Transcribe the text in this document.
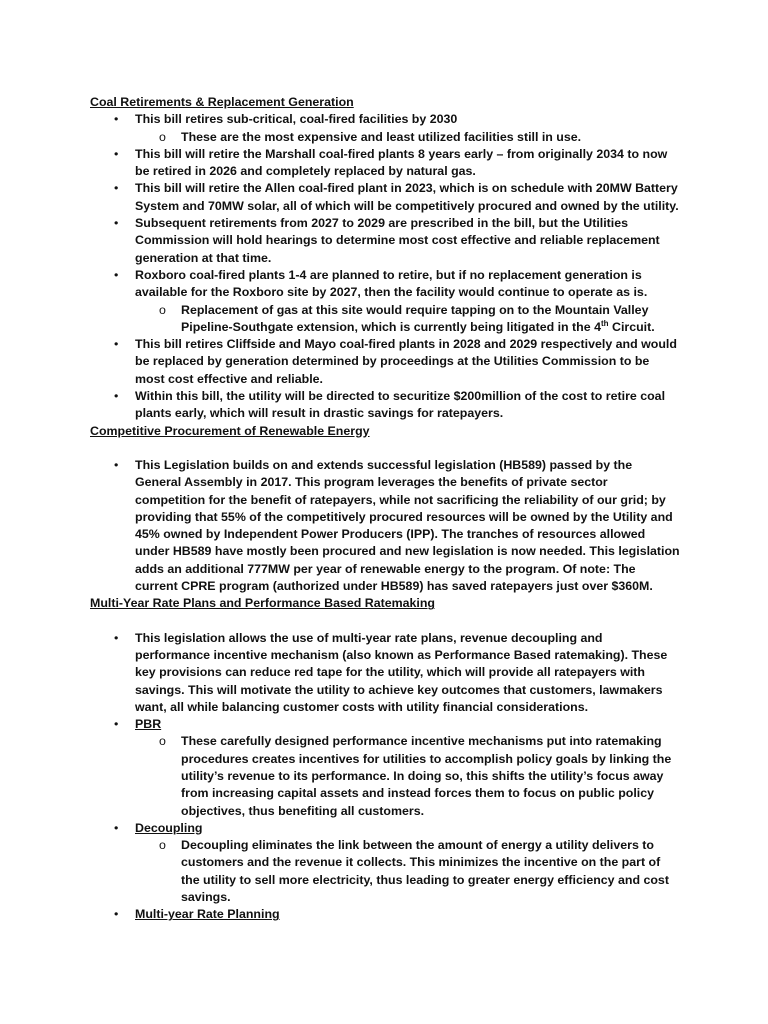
Coal Retirements & Replacement Generation
• This bill retires sub-critical, coal-fired facilities by 2030
o These are the most expensive and least utilized facilities still in use.
• This bill will retire the Marshall coal-fired plants 8 years early – from originally 2034 to now be retired in 2026 and completely replaced by natural gas.
• This bill will retire the Allen coal-fired plant in 2023, which is on schedule with 20MW Battery System and 70MW solar, all of which will be competitively procured and owned by the utility.
• Subsequent retirements from 2027 to 2029 are prescribed in the bill, but the Utilities Commission will hold hearings to determine most cost effective and reliable replacement generation at that time.
• Roxboro coal-fired plants 1-4 are planned to retire, but if no replacement generation is available for the Roxboro site by 2027, then the facility would continue to operate as is.
o Replacement of gas at this site would require tapping on to the Mountain Valley Pipeline-Southgate extension, which is currently being litigated in the 4th Circuit.
• This bill retires Cliffside and Mayo coal-fired plants in 2028 and 2029 respectively and would be replaced by generation determined by proceedings at the Utilities Commission to be most cost effective and reliable.
• Within this bill, the utility will be directed to securitize $200million of the cost to retire coal plants early, which will result in drastic savings for ratepayers.
Competitive Procurement of Renewable Energy
• This Legislation builds on and extends successful legislation (HB589) passed by the General Assembly in 2017. This program leverages the benefits of private sector competition for the benefit of ratepayers, while not sacrificing the reliability of our grid; by providing that 55% of the competitively procured resources will be owned by the Utility and 45% owned by Independent Power Producers (IPP). The tranches of resources allowed under HB589 have mostly been procured and new legislation is now needed. This legislation adds an additional 777MW per year of renewable energy to the program. Of note: The current CPRE program (authorized under HB589) has saved ratepayers just over $360M.
Multi-Year Rate Plans and Performance Based Ratemaking
• This legislation allows the use of multi-year rate plans, revenue decoupling and performance incentive mechanism (also known as Performance Based ratemaking). These key provisions can reduce red tape for the utility, which will provide all ratepayers with savings. This will motivate the utility to achieve key outcomes that customers, lawmakers want, all while balancing customer costs with utility financial considerations.
• PBR
o These carefully designed performance incentive mechanisms put into ratemaking procedures creates incentives for utilities to accomplish policy goals by linking the utility’s revenue to its performance. In doing so, this shifts the utility’s focus away from increasing capital assets and instead forces them to focus on public policy objectives, thus benefiting all customers.
• Decoupling
o Decoupling eliminates the link between the amount of energy a utility delivers to customers and the revenue it collects. This minimizes the incentive on the part of the utility to sell more electricity, thus leading to greater energy efficiency and cost savings.
• Multi-year Rate Planning
